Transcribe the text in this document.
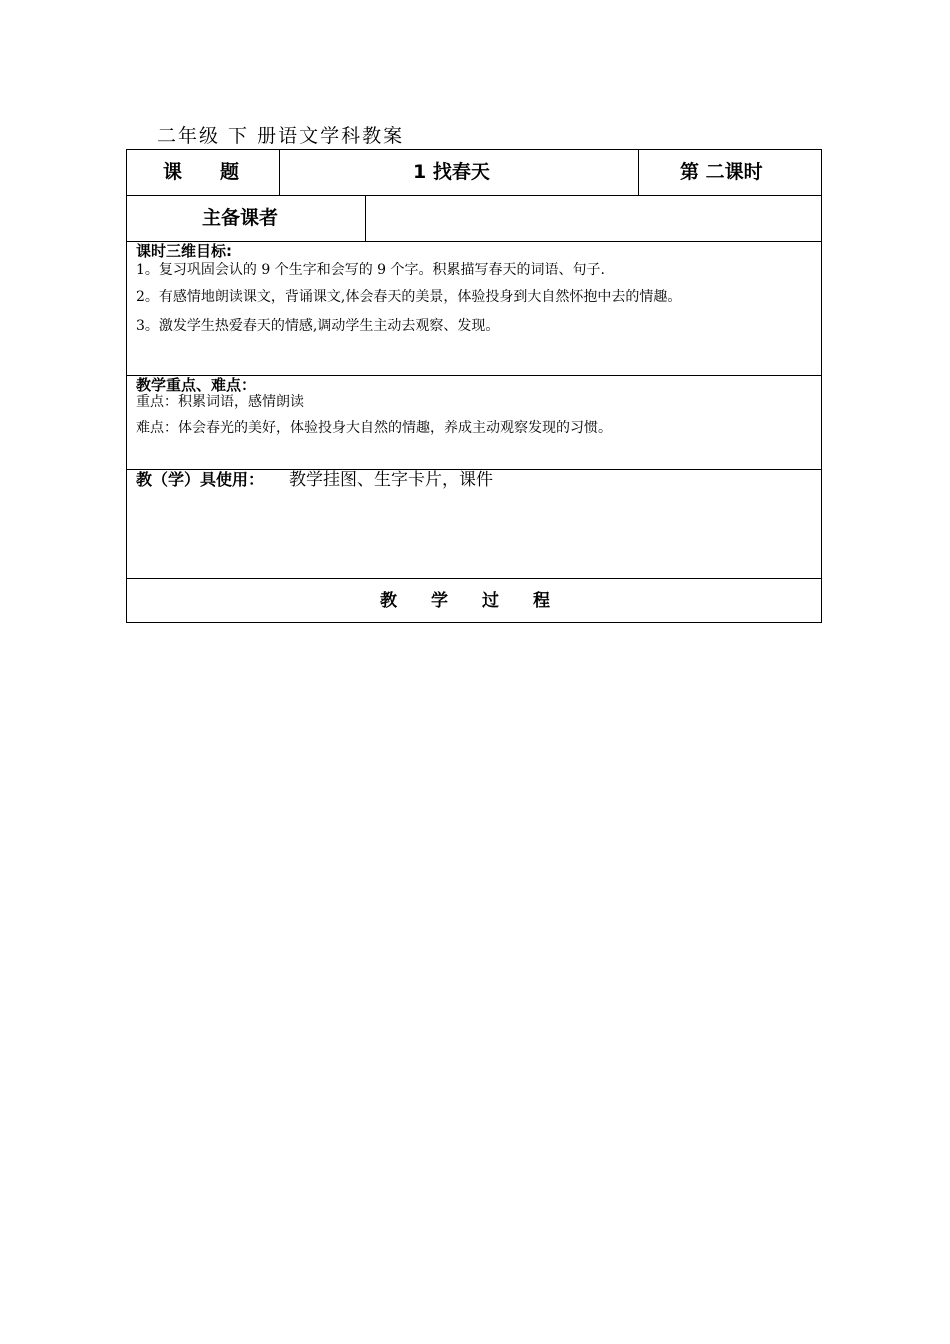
二年级 下 册语文学科教案
课　　题	1 找春天	第 二课时
主备课者
课时三维目标:
1。复习巩固会认的 9 个生字和会写的 9 个字。积累描写春天的词语、句子.
2。有感情地朗读课文，背诵课文,体会春天的美景，体验投身到大自然怀抱中去的情趣。
3。激发学生热爱春天的情感,调动学生主动去观察、发现。
教学重点、难点：
重点：积累词语，感情朗读
难点：体会春光的美好，体验投身大自然的情趣，养成主动观察发现的习惯。
教（学）具使用： 教学挂图、生字卡片，课件
教　　学　　过　　程
